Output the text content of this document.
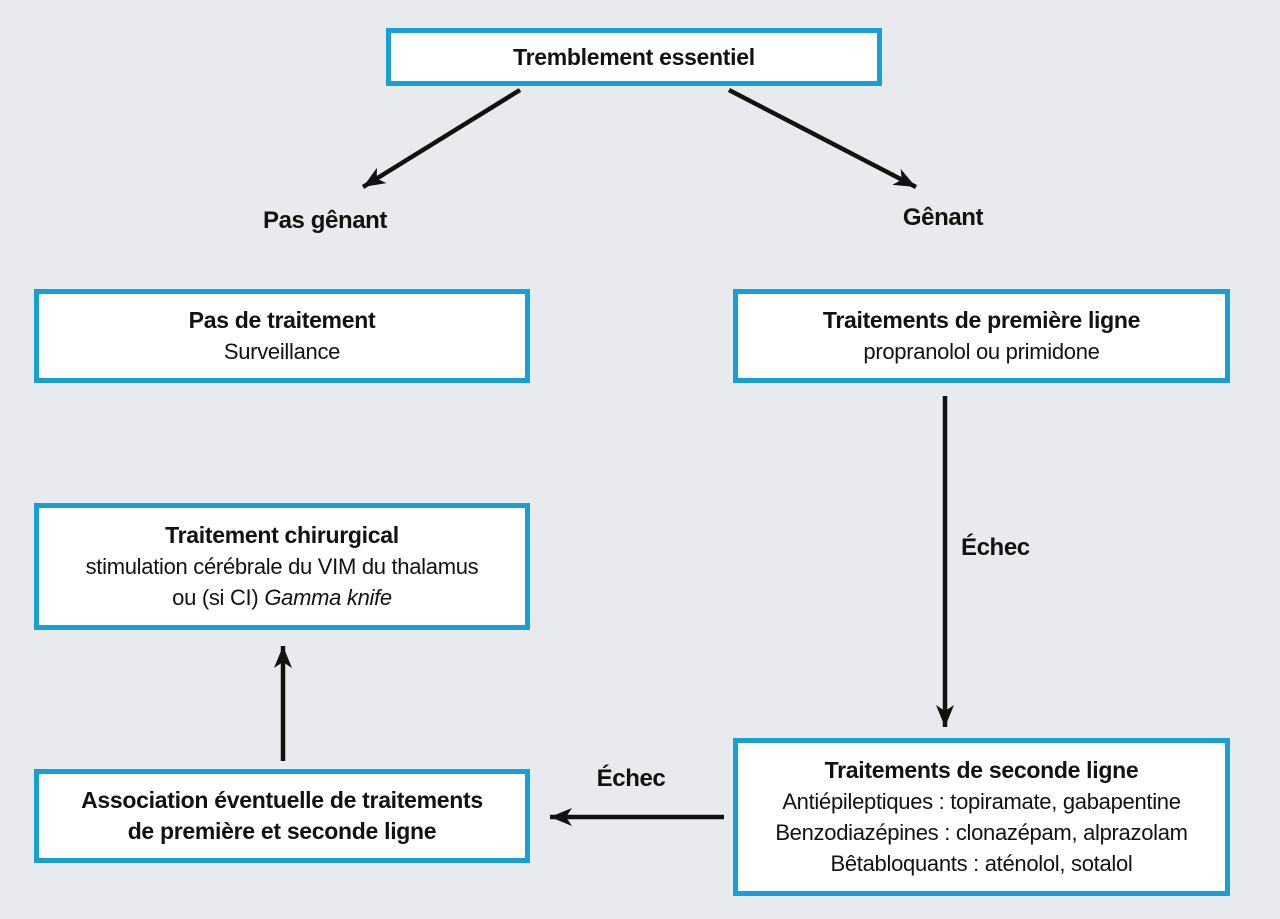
Tremblement essentiel
Pas gênant	Gênant
Pas de traitement
Surveillance
Traitements de première ligne
propranolol ou primidone
Échec
Traitement chirurgical
stimulation cérébrale du VIM du thalamus
ou (si CI) Gamma knife
Échec
Association éventuelle de traitements
de première et seconde ligne
Traitements de seconde ligne
Antiépileptiques : topiramate, gabapentine
Benzodiazépines : clonazépam, alprazolam
Bêtabloquants : aténolol, sotalol
